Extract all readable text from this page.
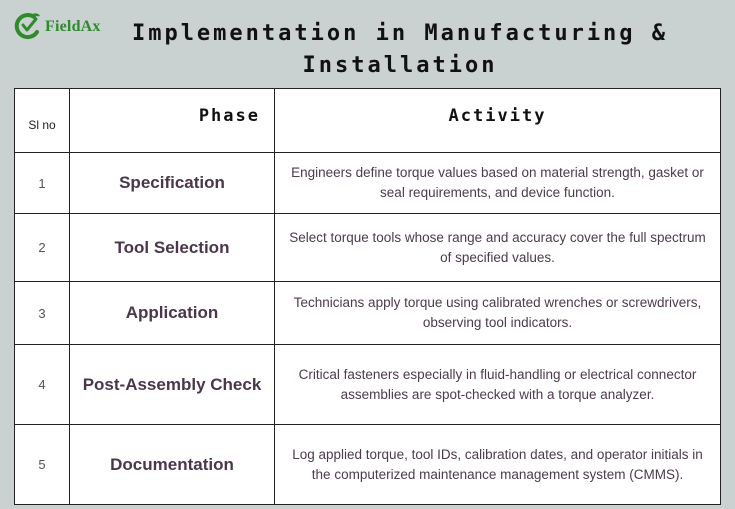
FieldAx	Implementation in Manufacturing &
Installation
Sl no	Phase	Activity
1	Specification	Engineers define torque values based on material strength, gasket or seal requirements, and device function.
2	Tool Selection	Select torque tools whose range and accuracy cover the full spectrum of specified values.
3	Application	Technicians apply torque using calibrated wrenches or screwdrivers, observing tool indicators.
4	Post-Assembly Check	Critical fasteners especially in fluid-handling or electrical connector assemblies are spot-checked with a torque analyzer.
5	Documentation	Log applied torque, tool IDs, calibration dates, and operator initials in the computerized maintenance management system (CMMS).
